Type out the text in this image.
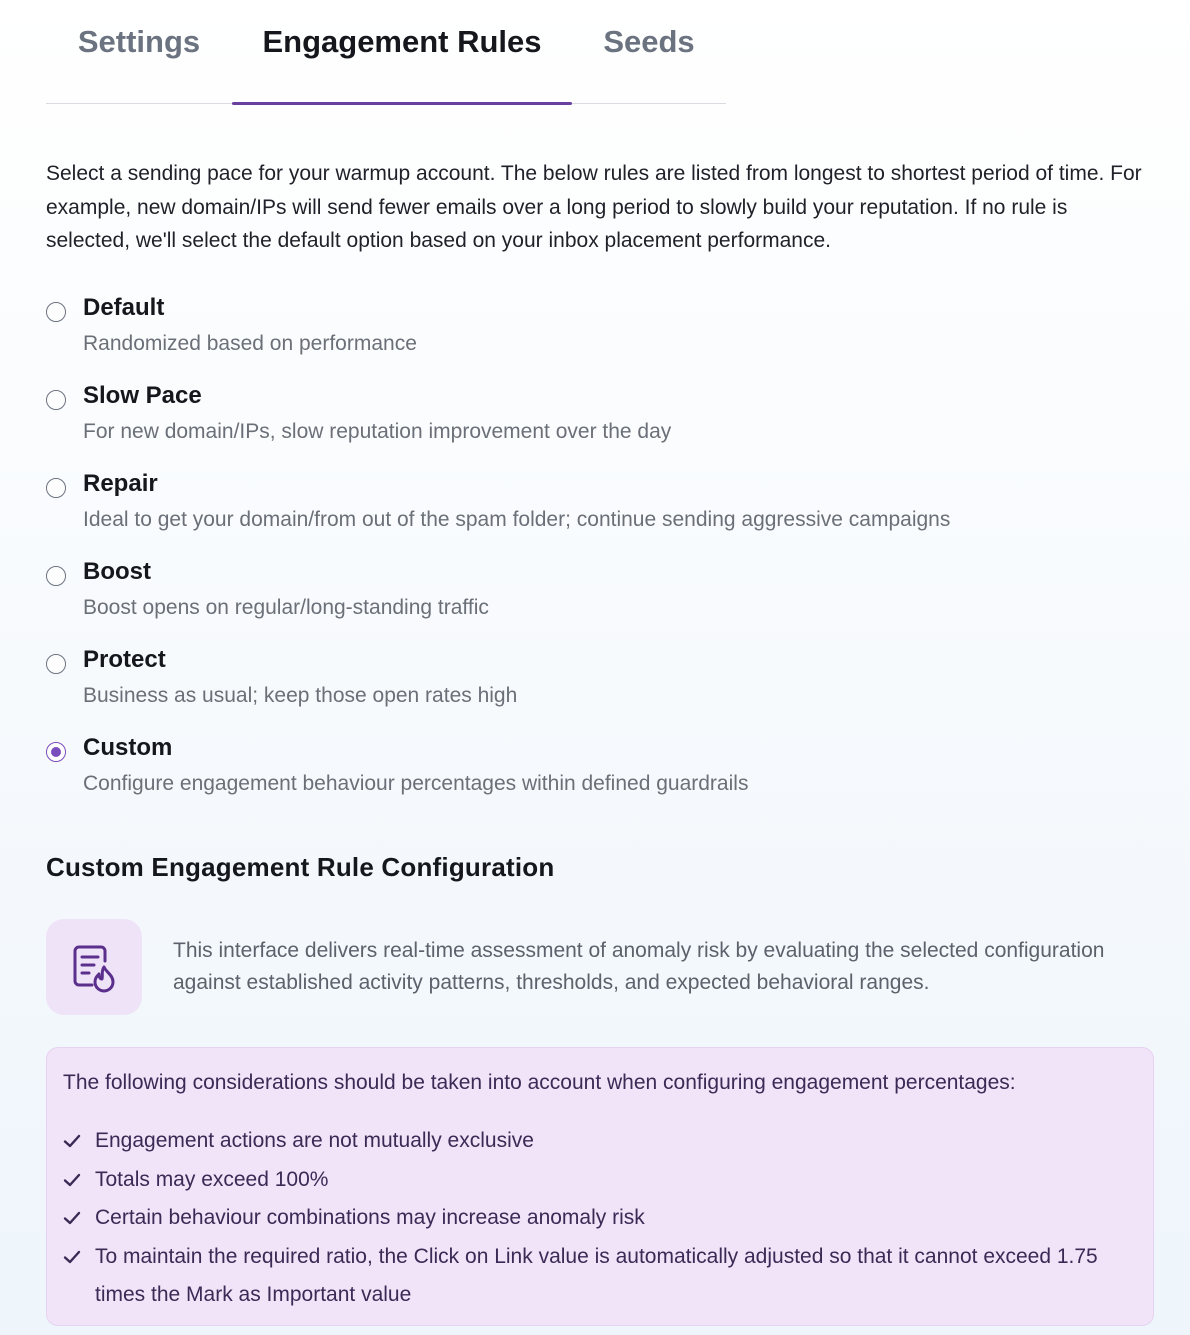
Settings	Engagement Rules	Seeds

Select a sending pace for your warmup account. The below rules are listed from longest to shortest period of time. For example, new domain/IPs will send fewer emails over a long period to slowly build your reputation. If no rule is selected, we'll select the default option based on your inbox placement performance.

Default
Randomized based on performance
Slow Pace
For new domain/IPs, slow reputation improvement over the day
Repair
Ideal to get your domain/from out of the spam folder; continue sending aggressive campaigns
Boost
Boost opens on regular/long-standing traffic
Protect
Business as usual; keep those open rates high
Custom
Configure engagement behaviour percentages within defined guardrails
Custom Engagement Rule Configuration

This interface delivers real-time assessment of anomaly risk by evaluating the selected configuration against established activity patterns, thresholds, and expected behavioral ranges.

The following considerations should be taken into account when configuring engagement percentages:

Engagement actions are not mutually exclusive
Totals may exceed 100%
Certain behaviour combinations may increase anomaly risk
To maintain the required ratio, the Click on Link value is automatically adjusted so that it cannot exceed 1.75 times the Mark as Important value
